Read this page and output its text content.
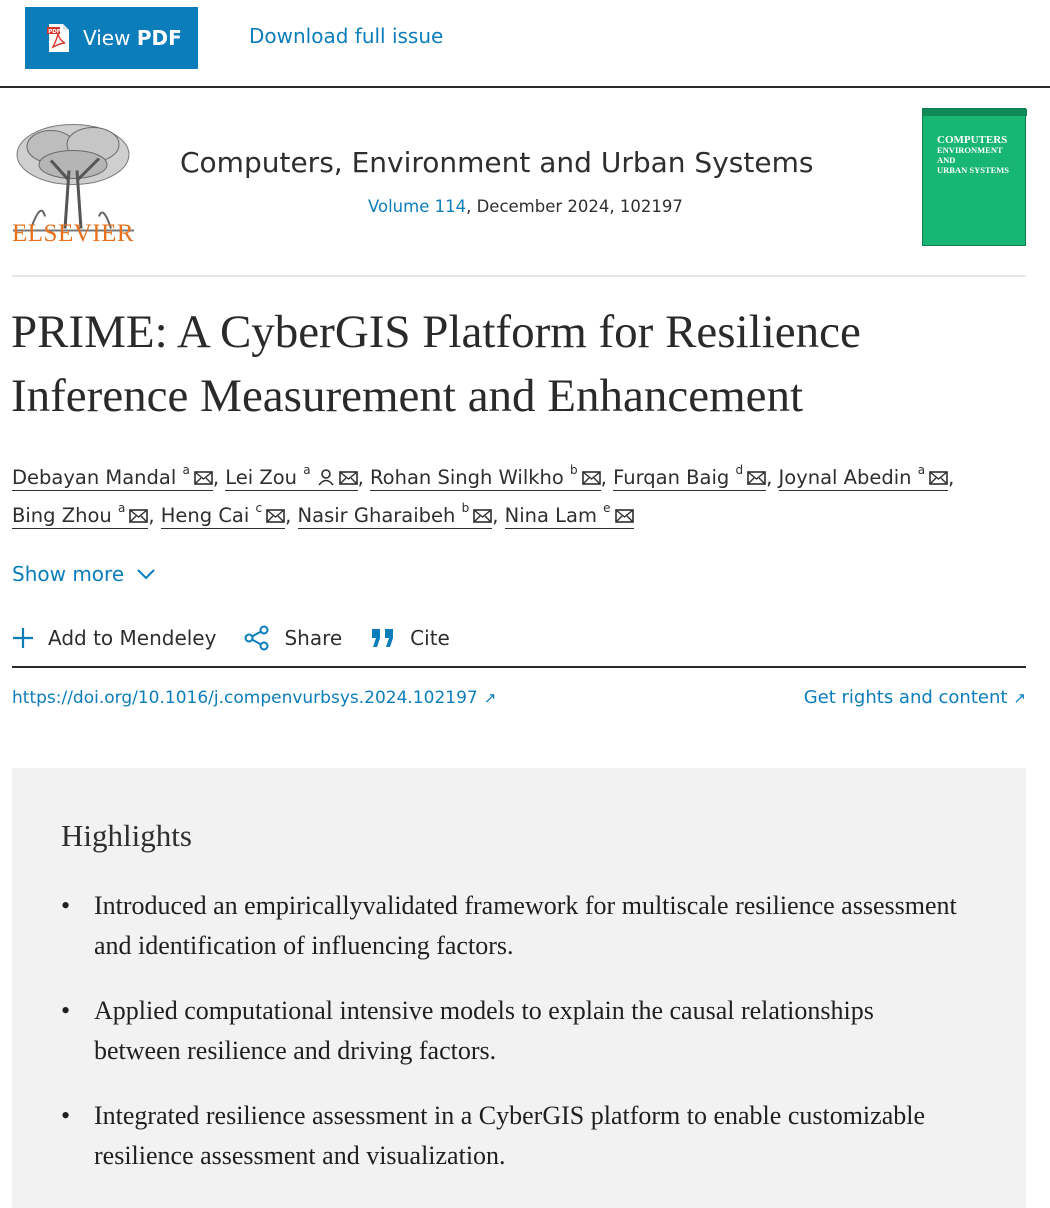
PDF View PDF	Download full issue
ELSEVIER
Computers, Environment and Urban Systems
Volume 114, December 2024, 102197
COMPUTERS
ENVIRONMENT
AND
URBAN SYSTEMS
PRIME: A CyberGIS Platform for Resilience Inference Measurement and Enhancement
Debayan Mandal $^a$ , Lei Zou $^a$ , Rohan Singh Wilkho $^b$ , Furqan Baig $^d$ , Joynal Abedin $^a$ , Bing Zhou $^a$ , Heng Cai $^c$ , Nasir Gharaibeh $^b$ , Nina Lam $^e$
Show more
Add to Mendeley	Share	Cite
https://doi.org/10.1016/j.compenvurbsys.2024.102197 ↗	Get rights and content ↗
Highlights
• Introduced an empiricallyvalidated framework for multiscale resilience assessment and identification of influencing factors.
• Applied computational intensive models to explain the causal relationships between resilience and driving factors.
• Integrated resilience assessment in a CyberGIS platform to enable customizable resilience assessment and visualization.
